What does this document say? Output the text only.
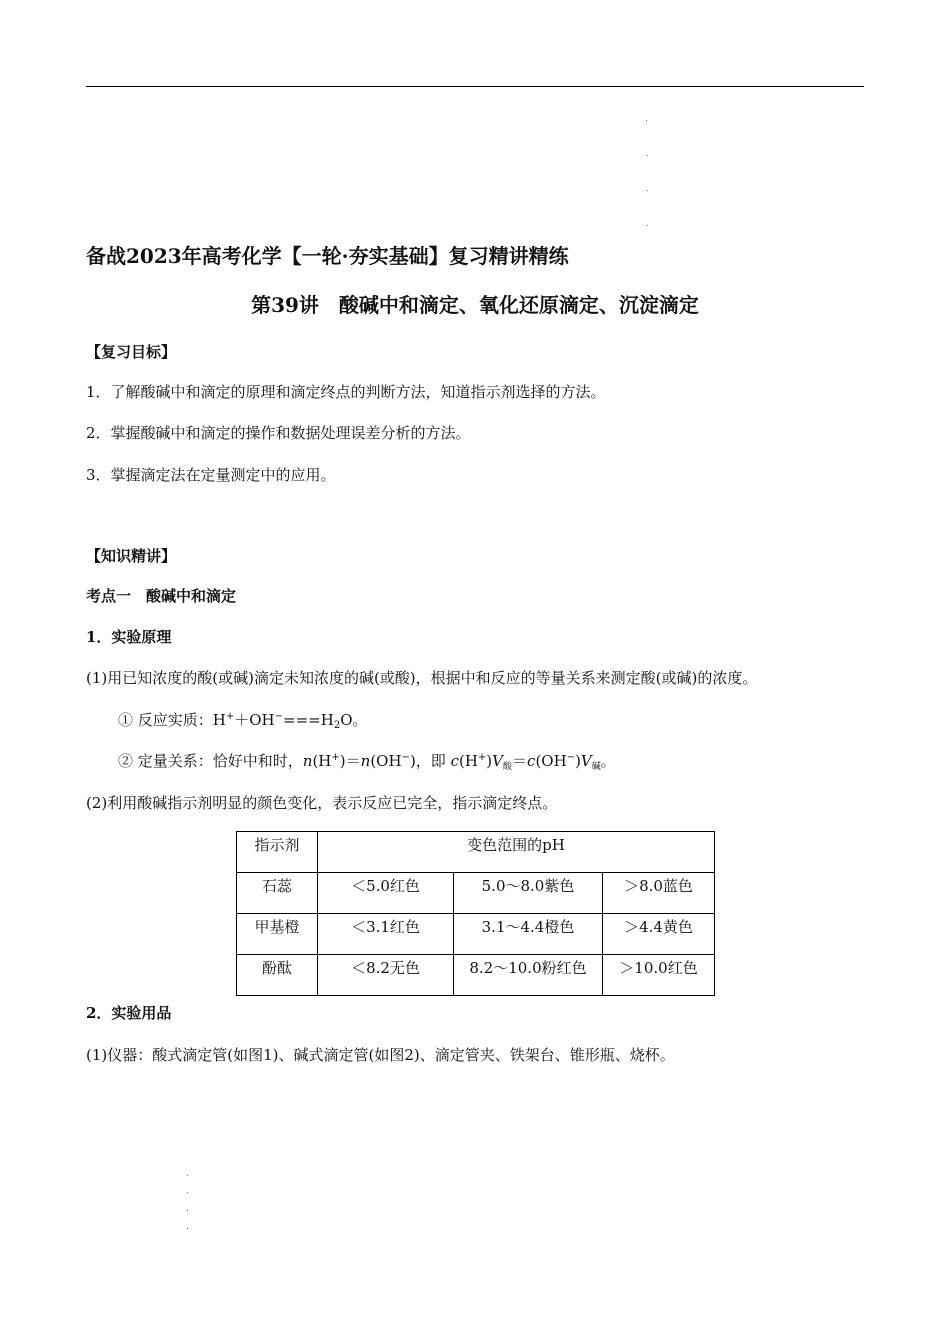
备战2023年高考化学【一轮·夯实基础】复习精讲精练
第39讲　酸碱中和滴定、氧化还原滴定、沉淀滴定
【复习目标】
1．了解酸碱中和滴定的原理和滴定终点的判断方法，知道指示剂选择的方法。
2．掌握酸碱中和滴定的操作和数据处理误差分析的方法。
3．掌握滴定法在定量测定中的应用。
【知识精讲】
考点一　酸碱中和滴定
1．实验原理
(1)用已知浓度的酸(或碱)滴定未知浓度的碱(或酸)，根据中和反应的等量关系来测定酸(或碱)的浓度。
① 反应实质：$H^++OH^-===H_2O$。
② 定量关系：恰好中和时，n(H+)＝n(OH−)，即 $c(H^+)V_酸=c(OH^-)V_碱$。
(2)利用酸碱指示剂明显的颜色变化，表示反应已完全，指示滴定终点。
指示剂	变色范围的pH		
石蕊	＜5.0红色	5.0～8.0紫色	＞8.0蓝色
甲基橙	＜3.1红色	3.1～4.4橙色	＞4.4黄色
酚酞	＜8.2无色	8.2～10.0粉红色	＞10.0红色
2．实验用品
(1)仪器：酸式滴定管(如图1)、碱式滴定管(如图2)、滴定管夹、铁架台、锥形瓶、烧杯。
